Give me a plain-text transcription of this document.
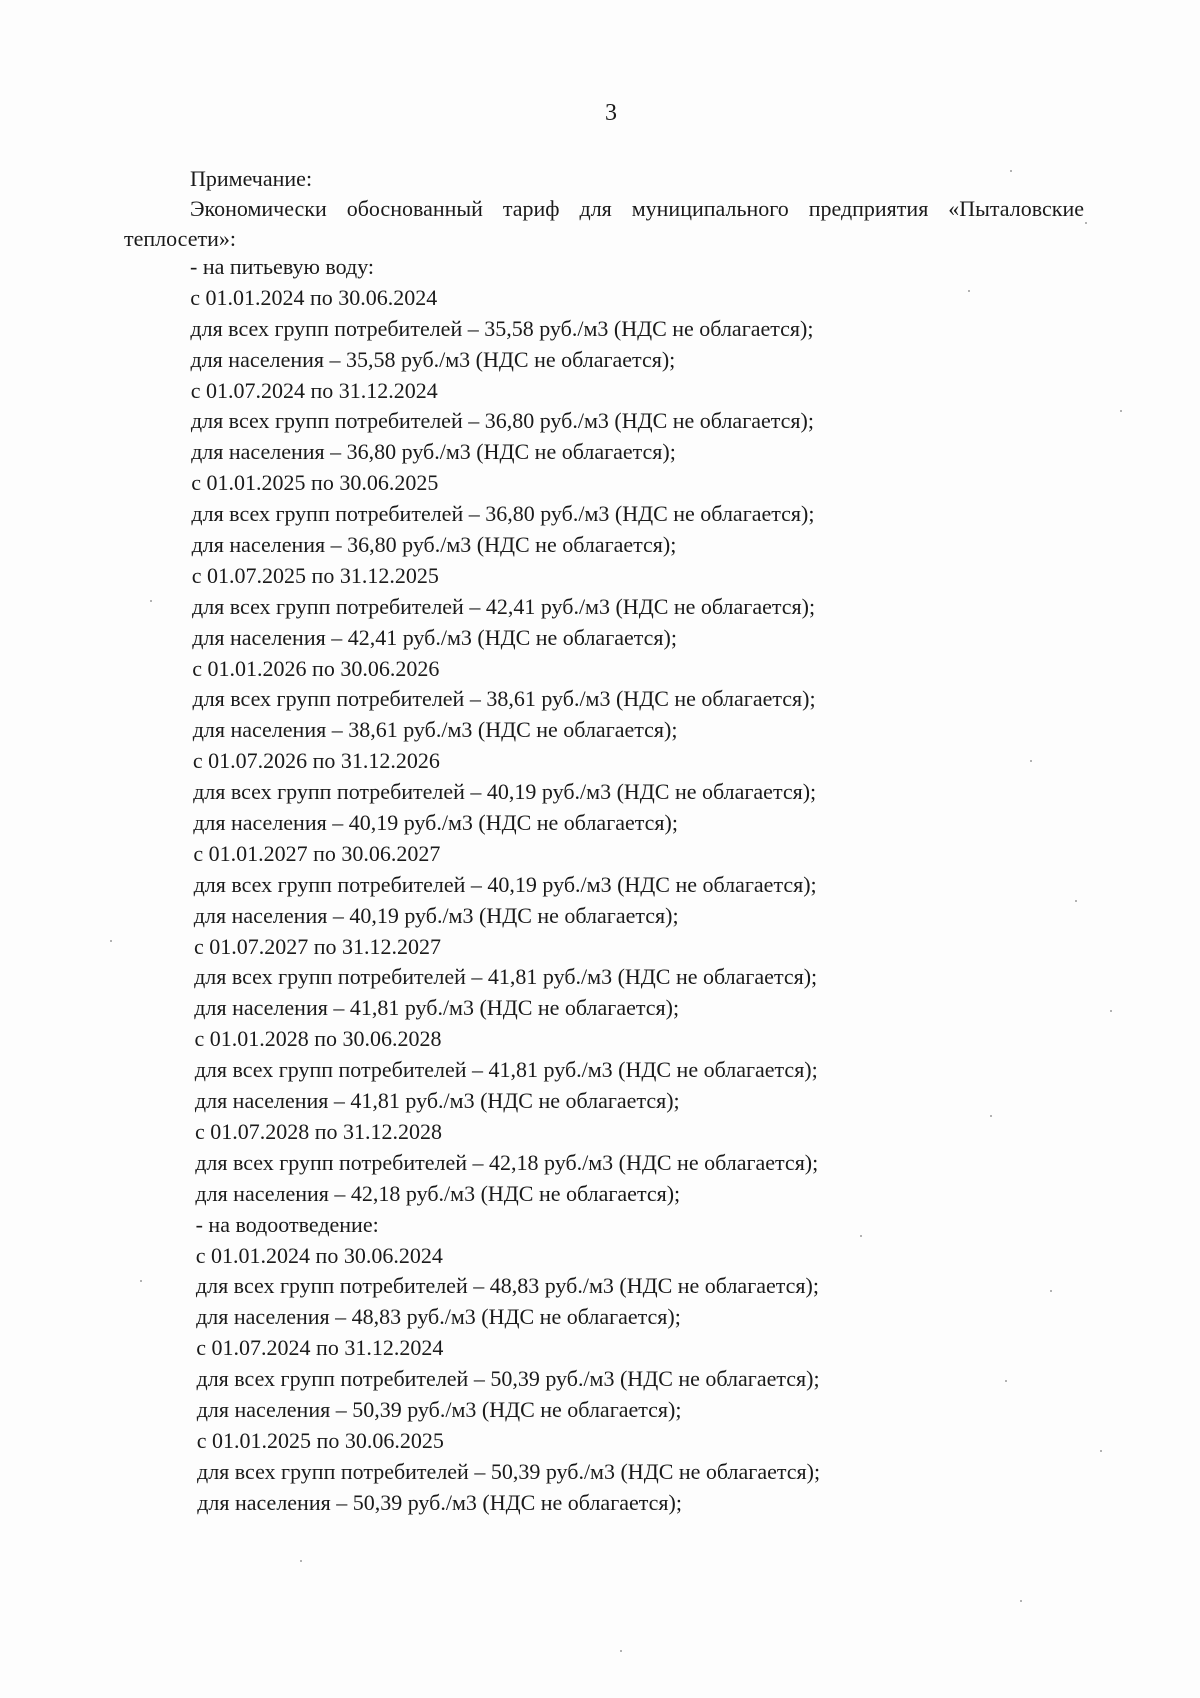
3
Примечание:
Экономически обоснованный тариф для муниципального предприятия «Пыталовские
теплосети»:
- на питьевую воду:
с 01.01.2024 по 30.06.2024
для всех групп потребителей – 35,58 руб./м3 (НДС не облагается);
для населения – 35,58 руб./м3 (НДС не облагается);
с 01.07.2024 по 31.12.2024
для всех групп потребителей – 36,80 руб./м3 (НДС не облагается);
для населения – 36,80 руб./м3 (НДС не облагается);
с 01.01.2025 по 30.06.2025
для всех групп потребителей – 36,80 руб./м3 (НДС не облагается);
для населения – 36,80 руб./м3 (НДС не облагается);
с 01.07.2025 по 31.12.2025
для всех групп потребителей – 42,41 руб./м3 (НДС не облагается);
для населения – 42,41 руб./м3 (НДС не облагается);
с 01.01.2026 по 30.06.2026
для всех групп потребителей – 38,61 руб./м3 (НДС не облагается);
для населения – 38,61 руб./м3 (НДС не облагается);
с 01.07.2026 по 31.12.2026
для всех групп потребителей – 40,19 руб./м3 (НДС не облагается);
для населения – 40,19 руб./м3 (НДС не облагается);
с 01.01.2027 по 30.06.2027
для всех групп потребителей – 40,19 руб./м3 (НДС не облагается);
для населения – 40,19 руб./м3 (НДС не облагается);
с 01.07.2027 по 31.12.2027
для всех групп потребителей – 41,81 руб./м3 (НДС не облагается);
для населения – 41,81 руб./м3 (НДС не облагается);
с 01.01.2028 по 30.06.2028
для всех групп потребителей – 41,81 руб./м3 (НДС не облагается);
для населения – 41,81 руб./м3 (НДС не облагается);
с 01.07.2028 по 31.12.2028
для всех групп потребителей – 42,18 руб./м3 (НДС не облагается);
для населения – 42,18 руб./м3 (НДС не облагается);
- на водоотведение:
с 01.01.2024 по 30.06.2024
для всех групп потребителей – 48,83 руб./м3 (НДС не облагается);
для населения – 48,83 руб./м3 (НДС не облагается);
с 01.07.2024 по 31.12.2024
для всех групп потребителей – 50,39 руб./м3 (НДС не облагается);
для населения – 50,39 руб./м3 (НДС не облагается);
с 01.01.2025 по 30.06.2025
для всех групп потребителей – 50,39 руб./м3 (НДС не облагается);
для населения – 50,39 руб./м3 (НДС не облагается);
